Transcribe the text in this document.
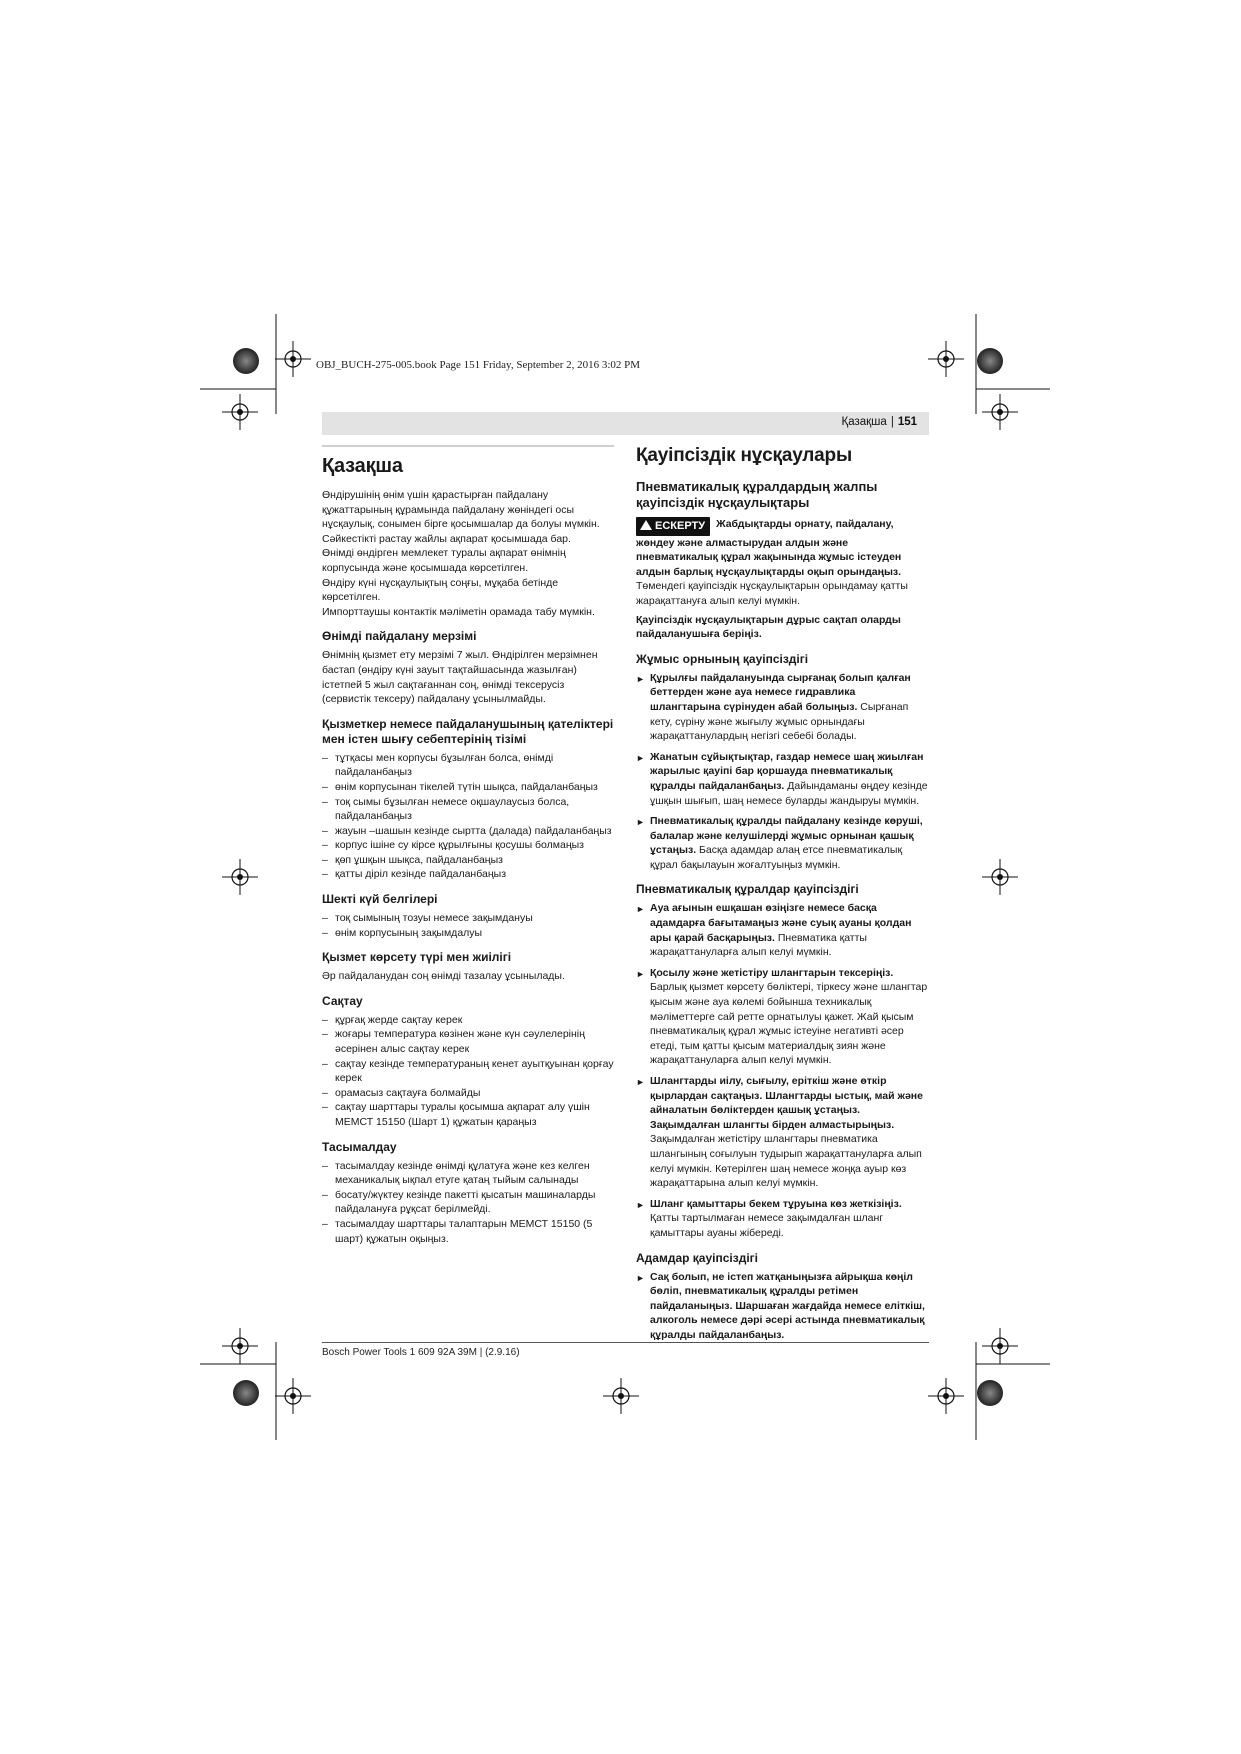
OBJ_BUCH-275-005.book Page 151 Friday, September 2, 2016 3:02 PM
Қазақша | 151
Қазақша

Өндірушінің өнім үшін қарастырған пайдалану құжаттарының құрамында пайдалану жөніндегі осы нұсқаулық, сонымен бірге қосымшалар да болуы мүмкін.

Сәйкестікті растау жайлы ақпарат қосымшада бар.

Өнімді өндірген мемлекет туралы ақпарат өнімнің корпусында және қосымшада көрсетілген.

Өндіру күні нұсқаулықтың соңғы, мұқаба бетінде көрсетілген.

Импорттаушы контактік мәліметін орамада табу мүмкін.

Өнімді пайдалану мерзімі

Өнімнің қызмет ету мерзімі 7 жыл. Өндірілген мерзімнен бастап (өндіру күні зауыт тақтайшасында жазылған) істетпей 5 жыл сақтағаннан соң, өнімді тексерусіз (сервистік тексеру) пайдалану ұсынылмайды.

Қызметкер немесе пайдаланушының қателіктері мен істен шығу себептерінің тізімі
– тұтқасы мен корпусы бұзылған болса, өнімді пайдаланбаңыз
– өнім корпусынан тікелей түтін шықса, пайдаланбаңыз
– тоқ сымы бұзылған немесе оқшаулаусыз болса, пайдаланбаңыз
– жауын –шашын кезінде сыртта (далада) пайдаланбаңыз
– корпус ішіне су кірсе құрылғыны қосушы болмаңыз
– қөп ұшқын шықса, пайдаланбаңыз
– қатты діріл кезінде пайдаланбаңыз
Шекті күй белгілері
– тоқ сымының тозуы немесе зақымдануы
– өнім корпусының зақымдалуы
Қызмет көрсету түрі мен жиілігі

Әр пайдаланудан соң өнімді тазалау ұсынылады.

Сақтау
– құрғақ жерде сақтау керек
– жоғары температура көзінен және күн сәулелерінің әсерінен алыс сақтау керек
– сақтау кезінде температураның кенет ауытқуынан қорғау керек
– орамасыз сақтауға болмайды
– сақтау шарттары туралы қосымша ақпарат алу үшін МЕМСТ 15150 (Шарт 1) құжатын қараңыз
Тасымалдау
– тасымалдау кезінде өнімді құлатуға және кез келген механикалық ықпал етуге қатаң тыйым салынады
– босату/жүктеу кезінде пакетті қысатын машиналарды пайдалануға рұқсат берілмейді.
– тасымалдау шарттары талаптарын МЕМСТ 15150 (5 шарт) құжатын оқыңыз.
Қауіпсіздік нұсқаулары
Пневматикалық құралдардың жалпы қауіпсіздік нұсқаулықтары

ЕСКЕРТУ Жабдықтарды орнату, пайдалану, жөндеу және алмастырудан алдын және пневматикалық құрал жақынында жұмыс істеуден алдын барлық нұсқаулықтарды оқып орындаңыз. Төмендегі қауіпсіздік нұсқаулықтарын орындамау қатты жарақаттануға алып келуі мүмкін.

Қауіпсіздік нұсқаулықтарын дұрыс сақтап оларды пайдаланушыға беріңіз.

Жұмыс орнының қауіпсіздігі
► Құрылғы пайдалануында сырғанақ болып қалған беттерден және ауа немесе гидравлика шлангтарына сүрінуден абай болыңыз. Сырғанап кету, сүріну және жығылу жұмыс орнындағы жарақаттанулардың негізгі себебі болады.
► Жанатын сұйықтықтар, газдар немесе шаң жиылған жарылыс қауіпі бар қоршауда пневматикалық құралды пайдаланбаңыз. Дайындаманы өңдеу кезінде ұшқын шығып, шаң немесе буларды жандыруы мүмкін.
► Пневматикалық құралды пайдалану кезінде көруші, балалар және келушілерді жұмыс орнынан қашық ұстаңыз. Басқа адамдар алаң етсе пневматикалық құрал бақылауын жоғалтуыңыз мүмкін.
Пневматикалық құралдар қауіпсіздігі
► Ауа ағынын ешқашан өзіңізге немесе басқа адамдарға бағытамаңыз және суық ауаны қолдан ары қарай басқарыңыз. Пневматика қатты жарақаттануларға алып келуі мүмкін.
► Қосылу және жетістіру шлангтарын тексеріңіз. Барлық қызмет көрсету бөліктері, тіркесу және шлангтар қысым және ауа көлемі бойынша техникалық мәліметтерге сай ретте орнатылуы қажет. Жай қысым пневматикалық құрал жұмыс істеуіне негативті әсер етеді, тым қатты қысым материалдық зиян және жарақаттануларға алып келуі мүмкін.
► Шлангтарды иілу, сығылу, еріткіш және өткір қырлардан сақтаңыз. Шлангтарды ыстық, май және айналатын бөліктерден қашық ұстаңыз. Зақымдалған шлангты бірден алмастырыңыз. Зақымдалған жетістіру шлангтары пневматика шлангының соғылуын тудырып жарақаттануларға алып келуі мүмкін. Көтерілген шаң немесе жоңқа ауыр көз жарақаттарына алып келуі мүмкін.
► Шланг қамыттары бекем тұруына көз жеткізіңіз. Қатты тартылмаған немесе зақымдалған шланг қамыттары ауаны жібереді.
Адамдар қауіпсіздігі
► Сақ болып, не істеп жатқаныңызға айрықша көңіл бөліп, пневматикалық құралды ретімен пайдаланыңыз. Шаршаған жағдайда немесе еліткіш, алкоголь немесе дәрі әсері астында пневматикалық құралды пайдаланбаңыз.
Bosch Power Tools 1 609 92A 39M | (2.9.16)
